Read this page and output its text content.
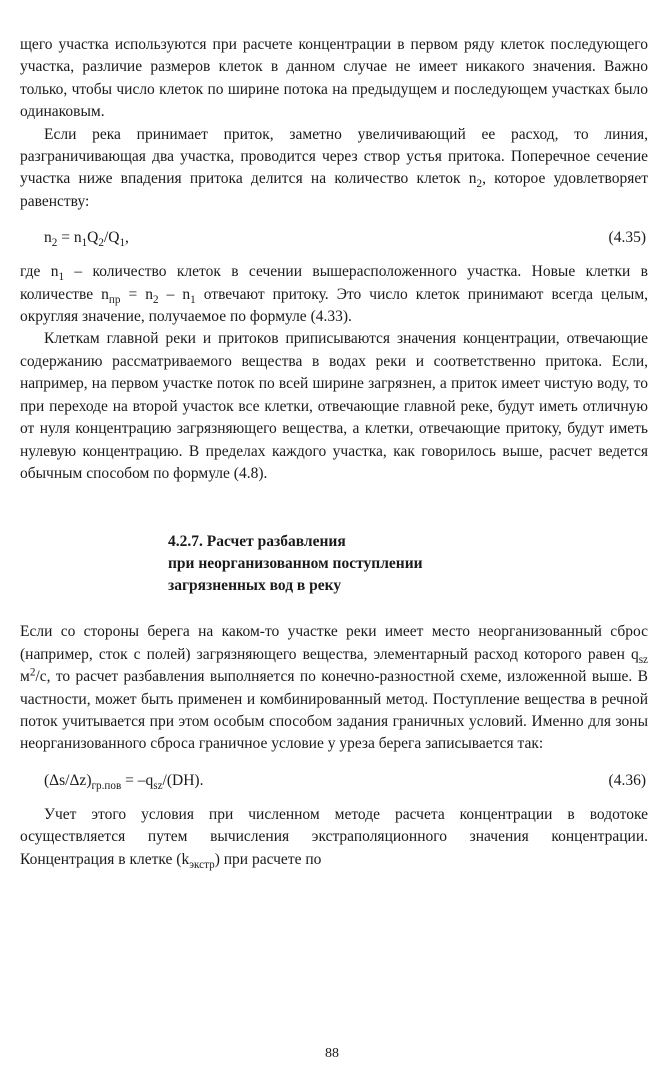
щего участка используются при расчете концентрации в первом ряду клеток последующего участка, различие размеров клеток в данном случае не имеет никакого значения. Важно только, чтобы число клеток по ширине потока на предыдущем и последующем участках было одинаковым.

Если река принимает приток, заметно увеличивающий ее расход, то линия, разграничивающая два участка, проводится через створ устья притока. Поперечное сечение участка ниже впадения притока делится на количество клеток $n_2$, которое удовлетворяет равенству:

$n_2 = n_1Q_2/Q_1$,	(4.35)

где $n_1$ – количество клеток в сечении вышерасположенного участка. Новые клетки в количестве $n_{пр} = n_2 - n_1$ отвечают притоку. Это число клеток принимают всегда целым, округляя значение, получаемое по формуле (4.33).

Клеткам главной реки и притоков приписываются значения концентрации, отвечающие содержанию рассматриваемого вещества в водах реки и соответственно притока. Если, например, на первом участке поток по всей ширине загрязнен, а приток имеет чистую воду, то при переходе на второй участок все клетки, отвечающие главной реке, будут иметь отличную от нуля концентрацию загрязняющего вещества, а клетки, отвечающие притоку, будут иметь нулевую концентрацию. В пределах каждого участка, как говорилось выше, расчет ведется обычным способом по формуле (4.8).

4.2.7. Расчет разбавления
при неорганизованном поступлении
загрязненных вод в реку

Если со стороны берега на каком-то участке реки имеет место неорганизованный сброс (например, сток с полей) загрязняющего вещества, элементарный расход которого равен $q_{sz}$ $м^2/с$, то расчет разбавления выполняется по конечно-разностной схеме, изложенной выше. В частности, может быть применен и комбинированный метод. Поступление вещества в речной поток учитывается при этом особым способом задания граничных условий. Именно для зоны неорганизованного сброса граничное условие у уреза берега записывается так:

$(\Delta s/\Delta z)_{гр.пов} = -q_{sz}/(DH)$.	(4.36)

Учет этого условия при численном методе расчета концентрации в водотоке осуществляется путем вычисления экстраполяционного значения концентрации. Концентрация в клетке $(k_{экстр})$ при расчете по

88
